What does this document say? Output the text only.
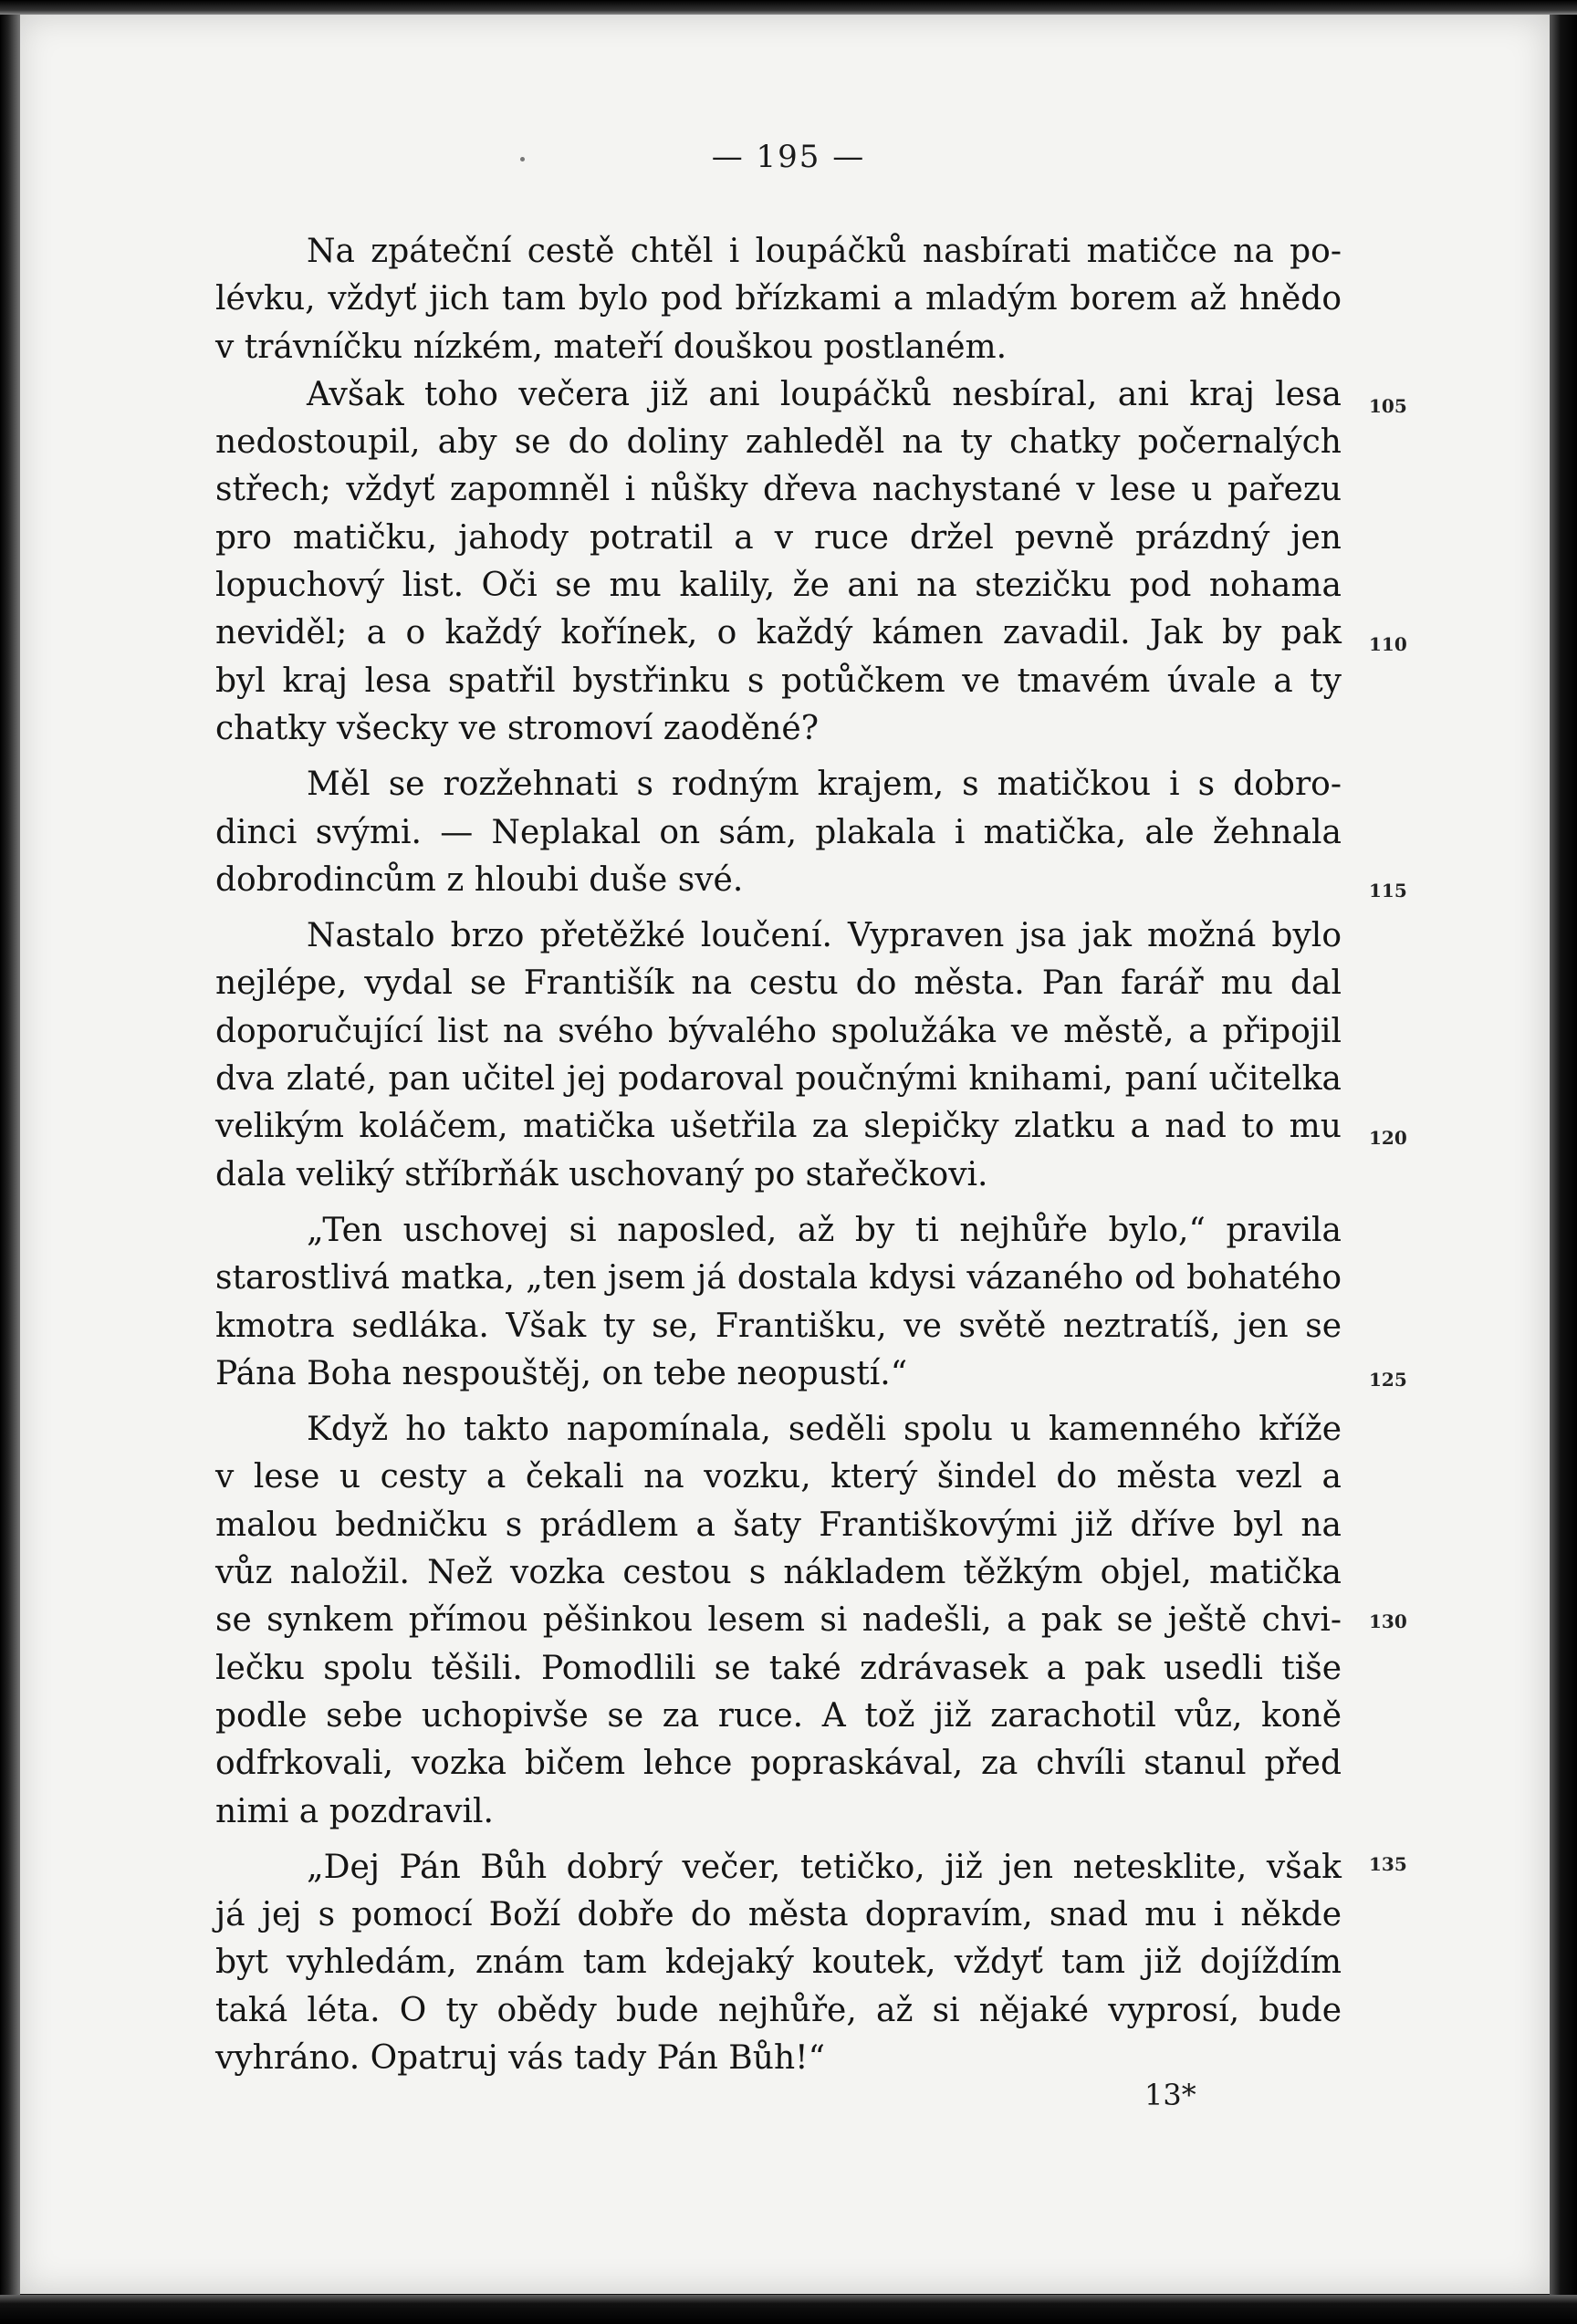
— 195 —
Na zpáteční cestě chtěl i loupáčků nasbírati matičce na po-
lévku, vždyť jich tam bylo pod břízkami a mladým borem až hnědo
v trávníčku nízkém, mateří douškou postlaném.
Avšak toho večera již ani loupáčků nesbíral, ani kraj lesa
nedostoupil, aby se do doliny zahleděl na ty chatky počernalých
střech; vždyť zapomněl i nůšky dřeva nachystané v lese u pařezu
pro matičku, jahody potratil a v ruce držel pevně prázdný jen
lopuchový list. Oči se mu kalily, že ani na stezičku pod nohama
neviděl; a o každý kořínek, o každý kámen zavadil. Jak by pak
byl kraj lesa spatřil bystřinku s potůčkem ve tmavém úvale a ty
chatky všecky ve stromoví zaoděné?
Měl se rozžehnati s rodným krajem, s matičkou i s dobro-
dinci svými. — Neplakal on sám, plakala i matička, ale žehnala
dobrodincům z hloubi duše své.
Nastalo brzo přetěžké loučení. Vypraven jsa jak možná bylo
nejlépe, vydal se Františík na cestu do města. Pan farář mu dal
doporučující list na svého bývalého spolužáka ve městě, a připojil
dva zlaté, pan učitel jej podaroval poučnými knihami, paní učitelka
velikým koláčem, matička ušetřila za slepičky zlatku a nad to mu
dala veliký stříbrňák uschovaný po stařečkovi.
„Ten uschovej si naposled, až by ti nejhůře bylo,“ pravila
starostlivá matka, „ten jsem já dostala kdysi vázaného od bohatého
kmotra sedláka. Však ty se, Františku, ve světě neztratíš, jen se
Pána Boha nespouštěj, on tebe neopustí.“
Když ho takto napomínala, seděli spolu u kamenného kříže
v lese u cesty a čekali na vozku, který šindel do města vezl a
malou bedničku s prádlem a šaty Františkovými již dříve byl na
vůz naložil. Než vozka cestou s nákladem těžkým objel, matička
se synkem přímou pěšinkou lesem si nadešli, a pak se ještě chvi-
lečku spolu těšili. Pomodlili se také zdrávasek a pak usedli tiše
podle sebe uchopivše se za ruce. A tož již zarachotil vůz, koně
odfrkovali, vozka bičem lehce popraskával, za chvíli stanul před
nimi a pozdravil.
„Dej Pán Bůh dobrý večer, tetičko, již jen netesklite, však
já jej s pomocí Boží dobře do města dopravím, snad mu i někde
byt vyhledám, znám tam kdejaký koutek, vždyť tam již dojíždím
taká léta. O ty obědy bude nejhůře, až si nějaké vyprosí, bude
vyhráno. Opatruj vás tady Pán Bůh!“
105
110
115
120
125
130
135
13*
